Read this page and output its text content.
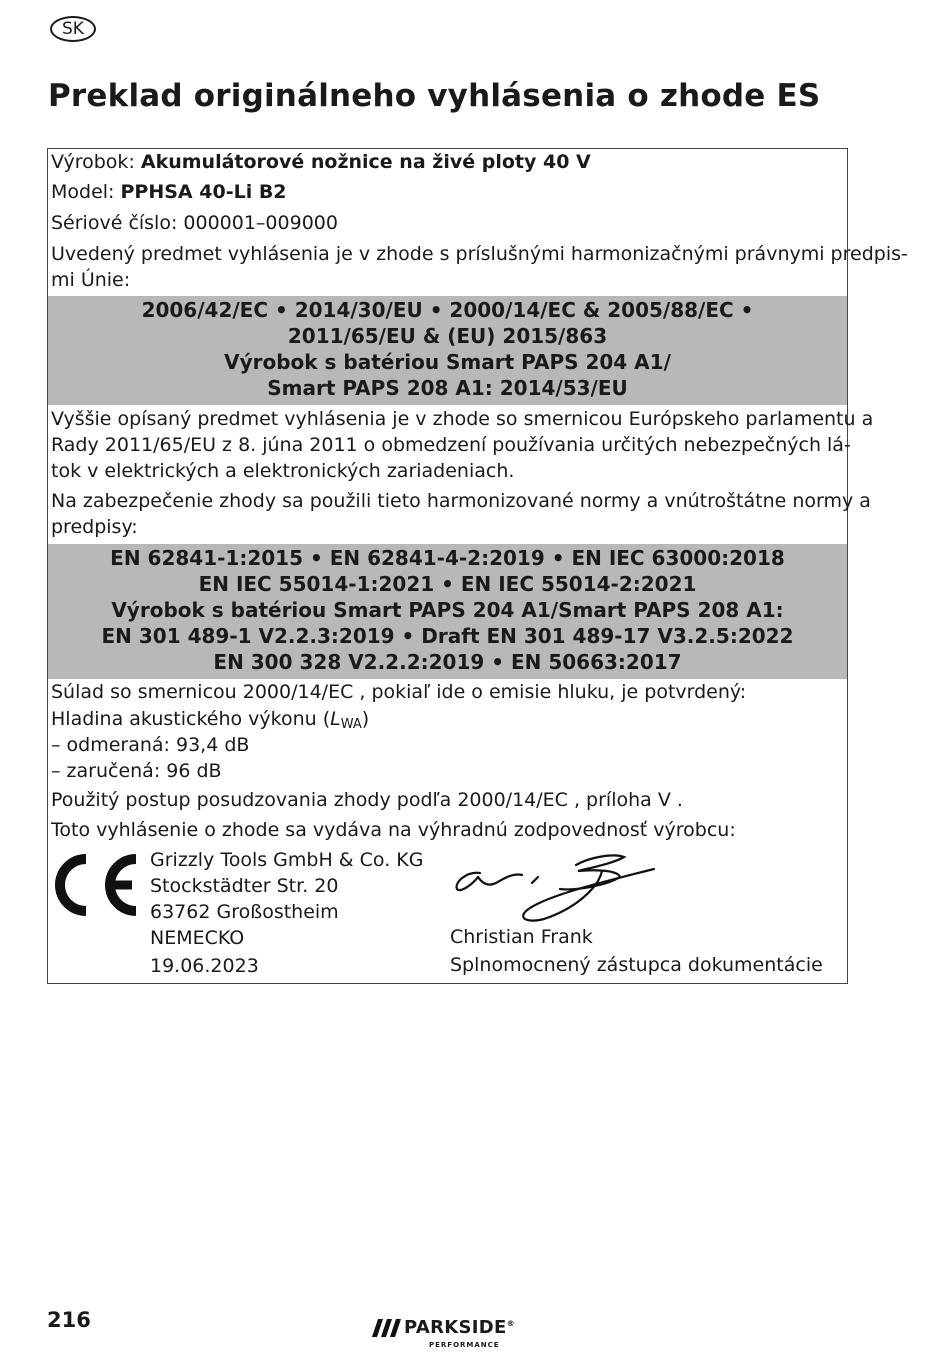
SK
Preklad originálneho vyhlásenia o zhode ES
Výrobok: Akumulátorové nožnice na živé ploty 40 V
Model: PPHSA 40-Li B2
Sériové číslo: 000001–009000
Uvedený predmet vyhlásenia je v zhode s príslušnými harmonizačnými právnymi predpis-
mi Únie:
2006/42/EC • 2014/30/EU • 2000/14/EC & 2005/88/EC •
2011/65/EU & (EU) 2015/863
Výrobok s batériou Smart PAPS 204 A1/
Smart PAPS 208 A1: 2014/53/EU
Vyššie opísaný predmet vyhlásenia je v zhode so smernicou Európskeho parlamentu a
Rady 2011/65/EU z 8. júna 2011 o obmedzení používania určitých nebezpečných lá-
tok v elektrických a elektronických zariadeniach.
Na zabezpečenie zhody sa použili tieto harmonizované normy a vnútroštátne normy a
predpisy:
EN 62841-1:2015 • EN 62841-4-2:2019 • EN IEC 63000:2018
EN IEC 55014-1:2021 • EN IEC 55014-2:2021
Výrobok s batériou Smart PAPS 204 A1/Smart PAPS 208 A1:
EN 301 489-1 V2.2.3:2019 • Draft EN 301 489-17 V3.2.5:2022
EN 300 328 V2.2.2:2019 • EN 50663:2017
Súlad so smernicou 2000/14/EC , pokiaľ ide o emisie hluku, je potvrdený:
Hladina akustického výkonu $(L_{WA})$
– odmeraná: 93,4 dB
– zaručená: 96 dB
Použitý postup posudzovania zhody podľa 2000/14/EC , príloha V .
Toto vyhlásenie o zhode sa vydáva na výhradnú zodpovednosť výrobcu:
Grizzly Tools GmbH & Co. KG
Stockstädter Str. 20
63762 Großostheim
NEMECKO
19.06.2023
Christian Frank
Splnomocnený zástupca dokumentácie
216	PARKSIDE®
PERFORMANCE
